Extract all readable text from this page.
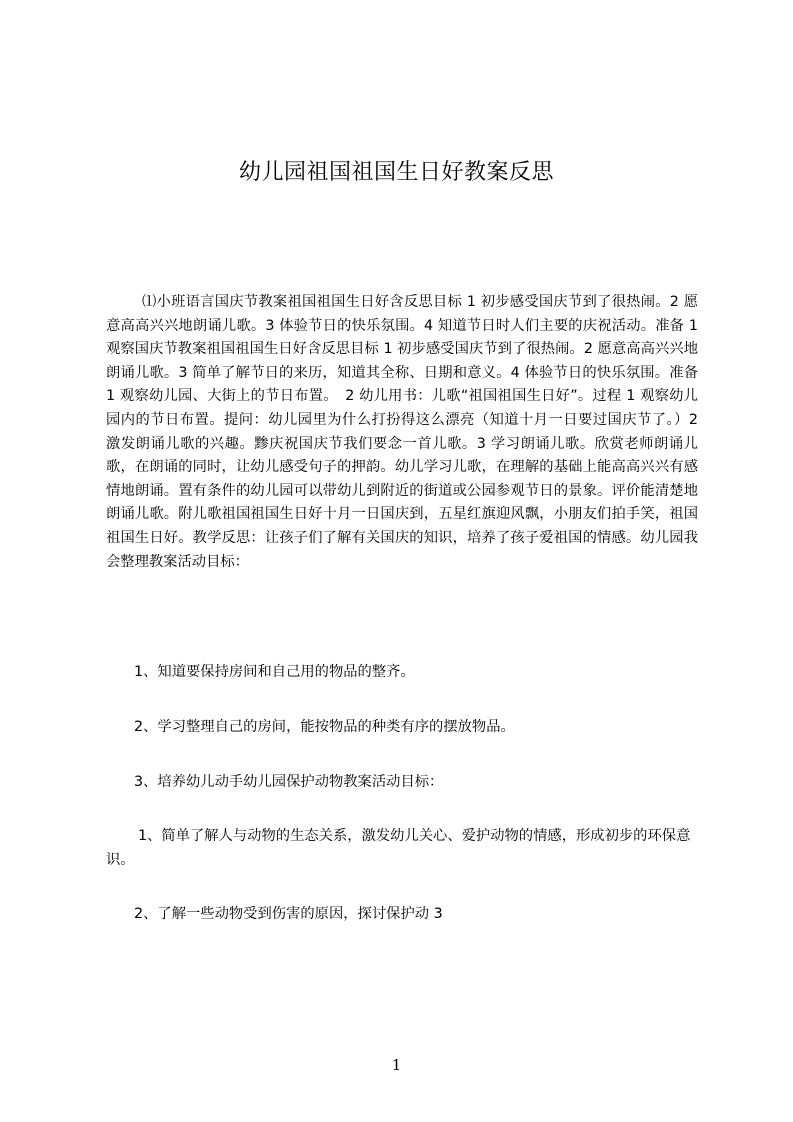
幼儿园祖国祖国生日好教案反思

⑴小班语言国庆节教案祖国祖国生日好含反思目标 1 初步感受国庆节到了很热闹。2 愿意高高兴兴地朗诵儿歌。3 体验节日的快乐氛围。4 知道节日时人们主要的庆祝活动。准备 1 观察国庆节教案祖国祖国生日好含反思目标 1 初步感受国庆节到了很热闹。2 愿意高高兴兴地朗诵儿歌。3 简单了解节日的来历，知道其全称、日期和意义。4 体验节日的快乐氛围。准备　1 观察幼儿园、大街上的节日布置。　2 幼儿用书：儿歌“祖国祖国生日好”。过程 1 观察幼儿园内的节日布置。提问：幼儿园里为什么打扮得这么漂亮（知道十月一日要过国庆节了。）2 激发朗诵儿歌的兴趣。黪庆祝国庆节我们要念一首儿歌。3 学习朗诵儿歌。欣赏老师朗诵儿歌，在朗诵的同时，让幼儿感受句子的押韵。幼儿学习儿歌，在理解的基础上能高高兴兴有感情地朗诵。置有条件的幼儿园可以带幼儿到附近的街道或公园参观节日的景象。评价能清楚地朗诵儿歌。附儿歌祖国祖国生日好十月一日国庆到，五星红旗迎风飘，小朋友们拍手笑，祖国祖国生日好。教学反思：让孩子们了解有关国庆的知识，培养了孩子爱祖国的情感。幼儿园我会整理教案活动目标：

1、知道要保持房间和自己用的物品的整齐。

2、学习整理自己的房间，能按物品的种类有序的摆放物品。

3、培养幼儿动手幼儿园保护动物教案活动目标：

1、简单了解人与动物的生态关系，激发幼儿关心、爱护动物的情感，形成初步的环保意识。

2、了解一些动物受到伤害的原因，探讨保护动 3

1
